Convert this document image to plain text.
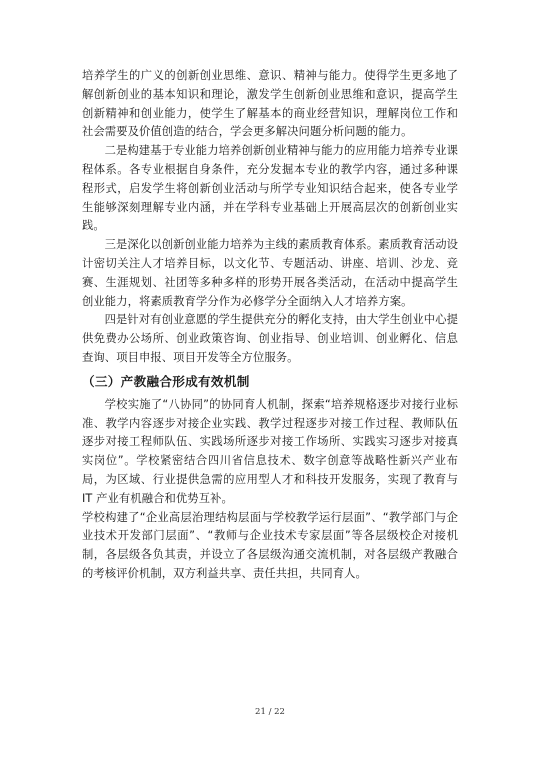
培养学生的广义的创新创业思维、意识、精神与能力。使得学生更多地了解创新创业的基本知识和理论，激发学生创新创业思维和意识，提高学生创新精神和创业能力，使学生了解基本的商业经营知识，理解岗位工作和社会需要及价值创造的结合，学会更多解决问题分析问题的能力。

二是构建基于专业能力培养创新创业精神与能力的应用能力培养专业课程体系。各专业根据自身条件，充分发掘本专业的教学内容，通过多种课程形式，启发学生将创新创业活动与所学专业知识结合起来，使各专业学生能够深刻理解专业内涵，并在学科专业基础上开展高层次的创新创业实践。

三是深化以创新创业能力培养为主线的素质教育体系。素质教育活动设计密切关注人才培养目标，以文化节、专题活动、讲座、培训、沙龙、竞赛、生涯规划、社团等多种多样的形势开展各类活动，在活动中提高学生创业能力，将素质教育学分作为必修学分全面纳入人才培养方案。

四是针对有创业意愿的学生提供充分的孵化支持，由大学生创业中心提供免费办公场所、创业政策咨询、创业指导、创业培训、创业孵化、信息查询、项目申报、项目开发等全方位服务。

（三）产教融合形成有效机制

学校实施了“八协同”的协同育人机制，探索“培养规格逐步对接行业标准、教学内容逐步对接企业实践、教学过程逐步对接工作过程、教师队伍逐步对接工程师队伍、实践场所逐步对接工作场所、实践实习逐步对接真实岗位”。学校紧密结合四川省信息技术、数字创意等战略性新兴产业布局，为区域、行业提供急需的应用型人才和科技开发服务，实现了教育与 IT 产业有机融合和优势互补。

学校构建了“企业高层治理结构层面与学校教学运行层面”、“教学部门与企业技术开发部门层面”、“教师与企业技术专家层面”等各层级校企对接机制，各层级各负其责，并设立了各层级沟通交流机制，对各层级产教融合的考核评价机制，双方利益共享、责任共担，共同育人。

21 / 22
